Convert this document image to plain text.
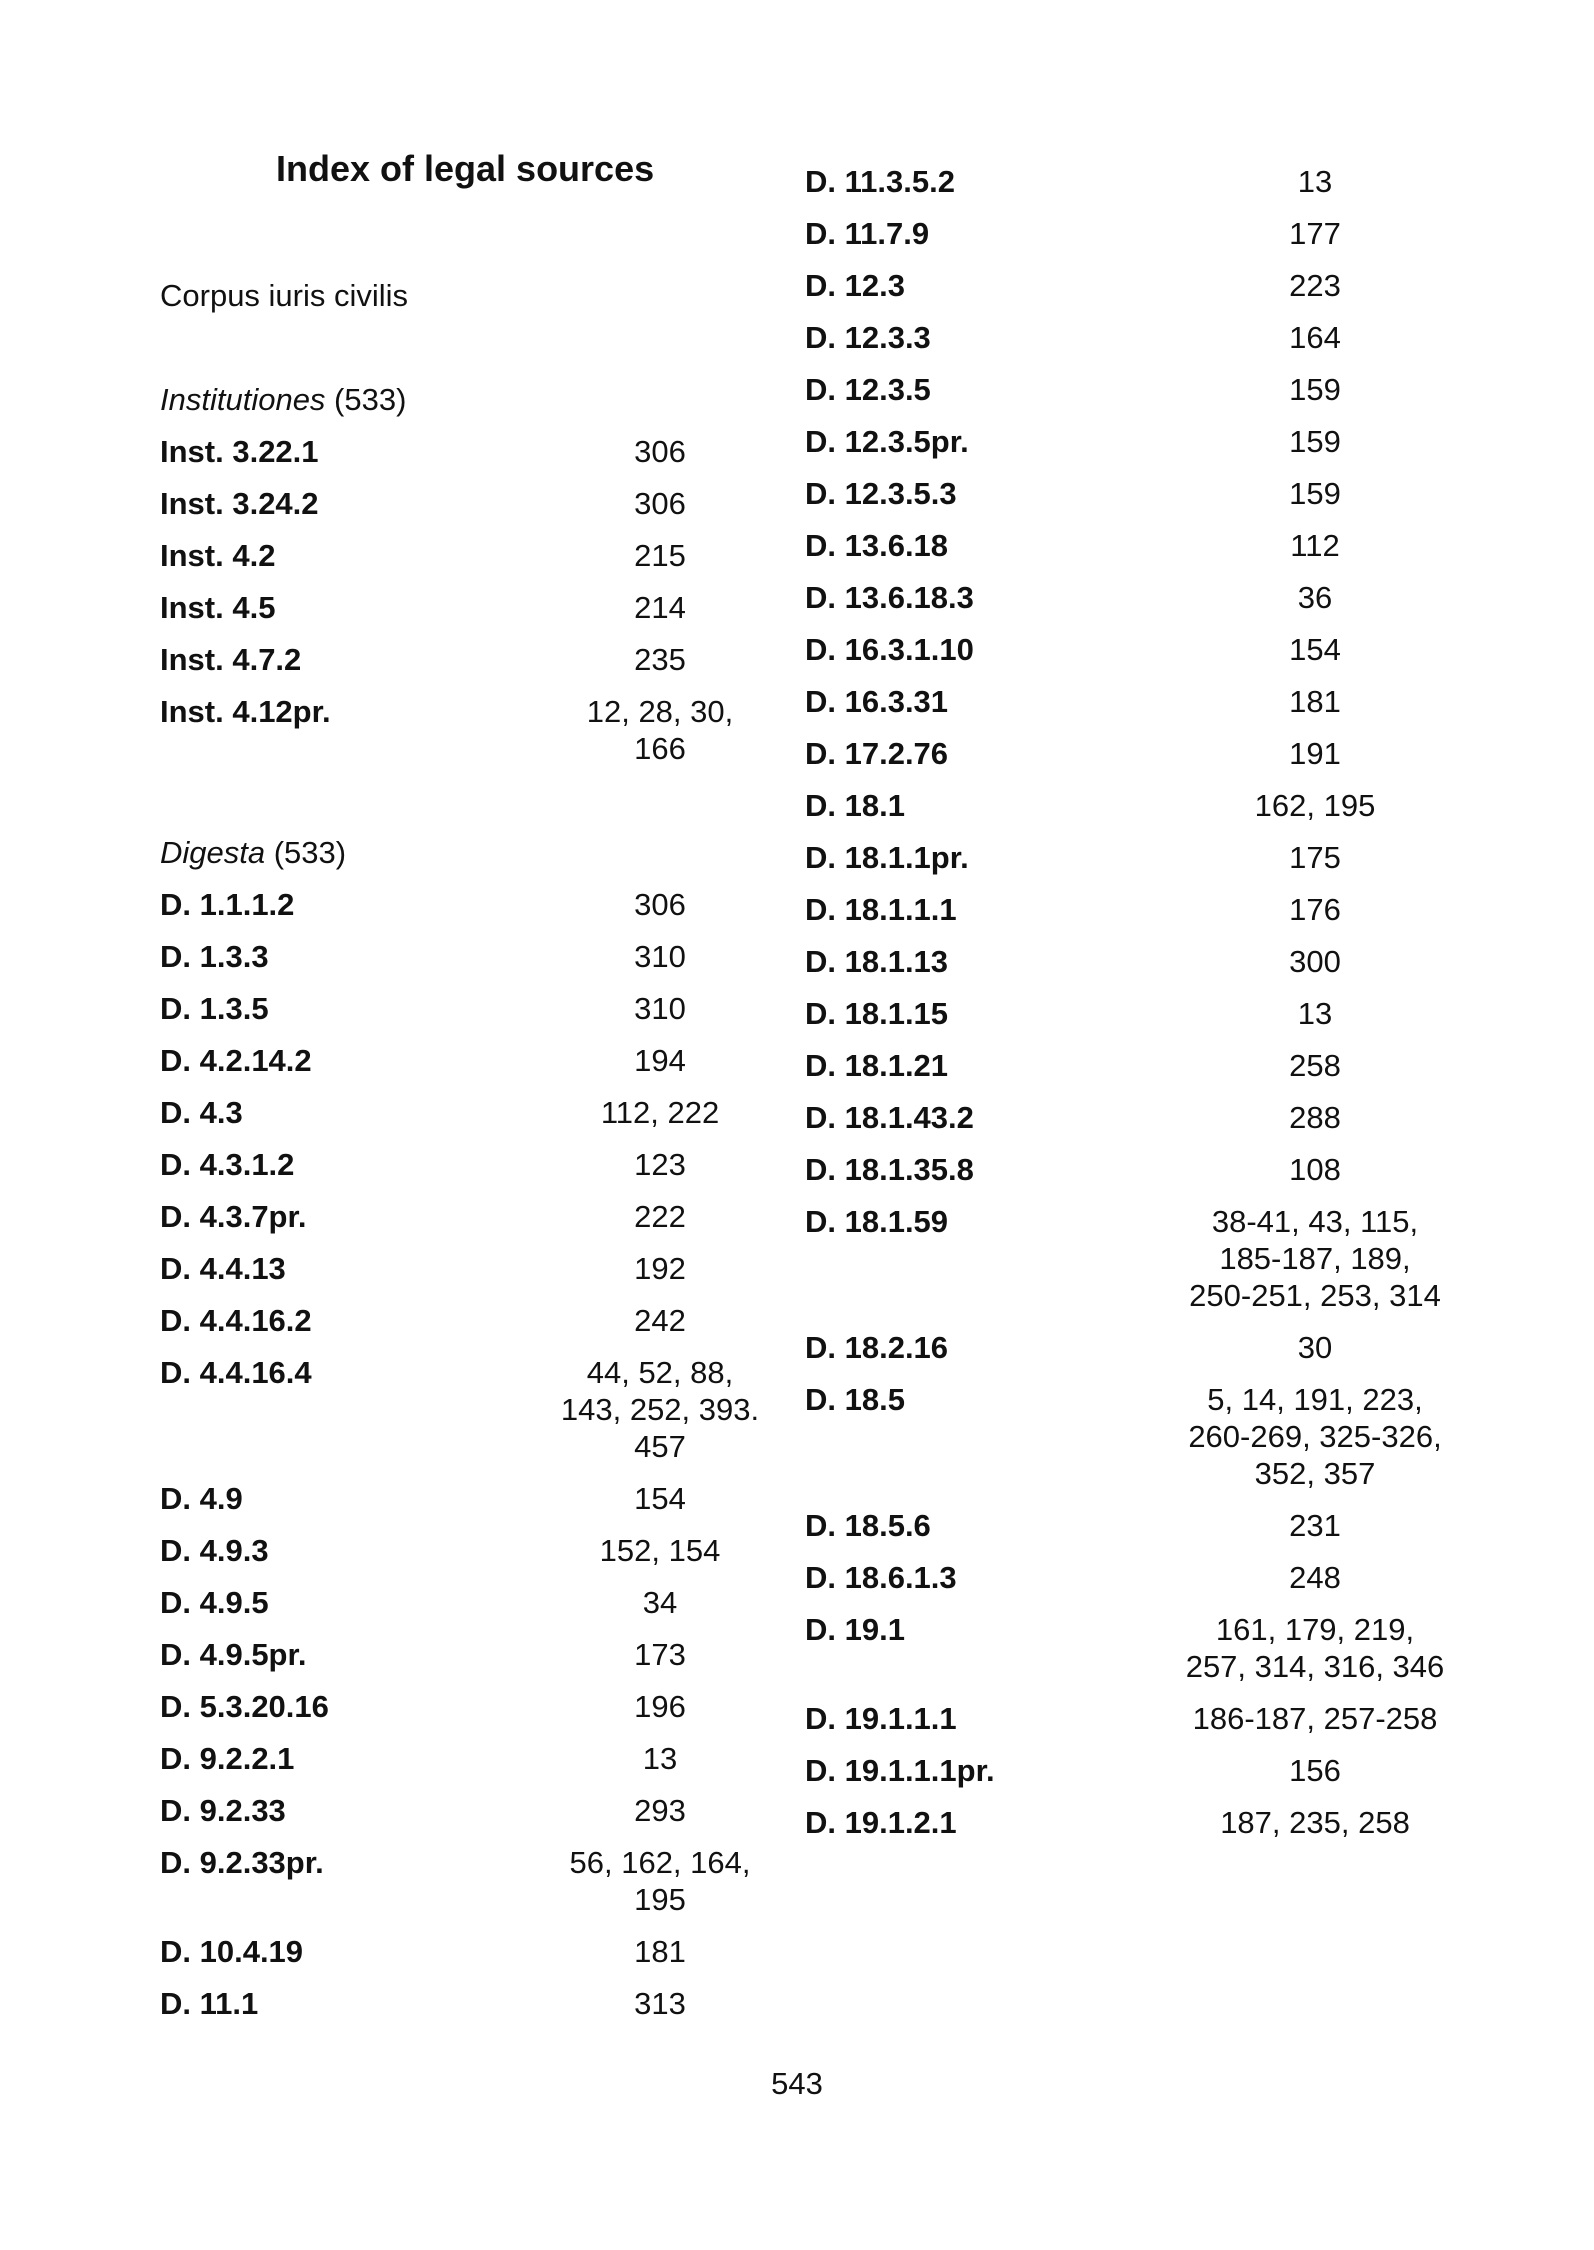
Index of legal sources
Corpus iuris civilis
Institutiones (533)
Inst. 3.22.1	306
Inst. 3.24.2	306
Inst. 4.2	215
Inst. 4.5	214
Inst. 4.7.2	235
Inst. 4.12pr.	12, 28, 30, 166
Digesta (533)
D. 1.1.1.2	306
D. 1.3.3	310
D. 1.3.5	310
D. 4.2.14.2	194
D. 4.3	112, 222
D. 4.3.1.2	123
D. 4.3.7pr.	222
D. 4.4.13	192
D. 4.4.16.2	242
D. 4.4.16.4	44, 52, 88, 143, 252, 393. 457
D. 4.9	154
D. 4.9.3	152, 154
D. 4.9.5	34
D. 4.9.5pr.	173
D. 5.3.20.16	196
D. 9.2.2.1	13
D. 9.2.33	293
D. 9.2.33pr.	56, 162, 164, 195
D. 10.4.19	181
D. 11.1	313
D. 11.3.5.2	13
D. 11.7.9	177
D. 12.3	223
D. 12.3.3	164
D. 12.3.5	159
D. 12.3.5pr.	159
D. 12.3.5.3	159
D. 13.6.18	112
D. 13.6.18.3	36
D. 16.3.1.10	154
D. 16.3.31	181
D. 17.2.76	191
D. 18.1	162, 195
D. 18.1.1pr.	175
D. 18.1.1.1	176
D. 18.1.13	300
D. 18.1.15	13
D. 18.1.21	258
D. 18.1.43.2	288
D. 18.1.35.8	108
D. 18.1.59	38-41, 43, 115, 185-187, 189, 250-251, 253, 314
D. 18.2.16	30
D. 18.5	5, 14, 191, 223, 260-269, 325-326, 352, 357
D. 18.5.6	231
D. 18.6.1.3	248
D. 19.1	161, 179, 219, 257, 314, 316, 346
D. 19.1.1.1	186-187, 257-258
D. 19.1.1.1pr.	156
D. 19.1.2.1	187, 235, 258
543
